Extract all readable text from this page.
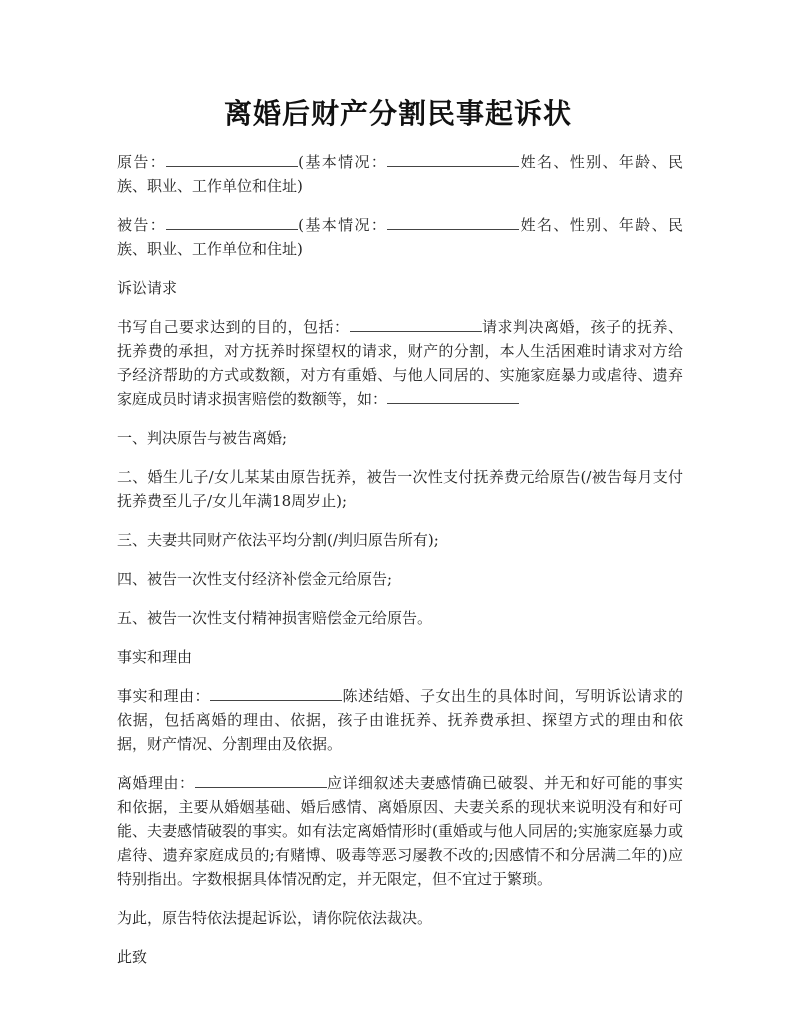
离婚后财产分割民事起诉状

原告：	(基本情况：	姓名、性别、年龄、民族、职业、工作单位和住址)

被告：	(基本情况：	姓名、性别、年龄、民族、职业、工作单位和住址)

诉讼请求

书写自己要求达到的目的，包括：	请求判决离婚，孩子的抚养、抚养费的承担，对方抚养时探望权的请求，财产的分割，本人生活困难时请求对方给予经济帮助的方式或数额，对方有重婚、与他人同居的、实施家庭暴力或虐待、遗弃家庭成员时请求损害赔偿的数额等，如：

一、判决原告与被告离婚;

二、婚生儿子/女儿某某由原告抚养，被告一次性支付抚养费元给原告(/被告每月支付抚养费至儿子/女儿年满18周岁止);

三、夫妻共同财产依法平均分割(/判归原告所有);

四、被告一次性支付经济补偿金元给原告;

五、被告一次性支付精神损害赔偿金元给原告。

事实和理由

事实和理由：	陈述结婚、子女出生的具体时间，写明诉讼请求的依据，包括离婚的理由、依据，孩子由谁抚养、抚养费承担、探望方式的理由和依据，财产情况、分割理由及依据。

离婚理由：	应详细叙述夫妻感情确已破裂、并无和好可能的事实和依据，主要从婚姻基础、婚后感情、离婚原因、夫妻关系的现状来说明没有和好可能、夫妻感情破裂的事实。如有法定离婚情形时(重婚或与他人同居的;实施家庭暴力或虐待、遗弃家庭成员的;有赌博、吸毒等恶习屡教不改的;因感情不和分居满二年的)应特别指出。字数根据具体情况酌定，并无限定，但不宜过于繁琐。

为此，原告特依法提起诉讼，请你院依法裁决。

此致
